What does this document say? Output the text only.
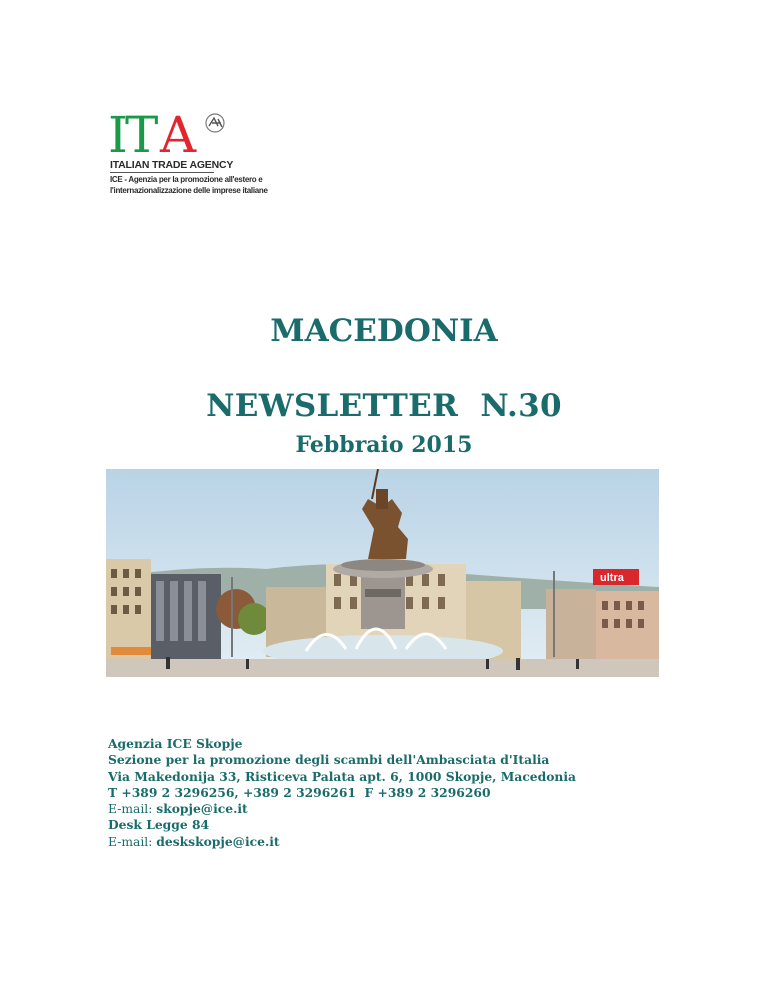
I
T A
ITALIAN TRADE AGENCY
ICE - Agenzia per la promozione all'estero e
l'internazionalizzazione delle imprese italiane
MACEDONIA
NEWSLETTER  N.30
Febbraio 2015
ultra
Agenzia ICE Skopje
Sezione per la promozione degli scambi dell'Ambasciata d'Italia
Via Makedonija 33, Risticeva Palata apt. 6, 1000 Skopje, Macedonia
T +389 2 3296256, +389 2 3296261  F +389 2 3296260
E-mail: skopje@ice.it
Desk Legge 84
E-mail: deskskopje@ice.it
